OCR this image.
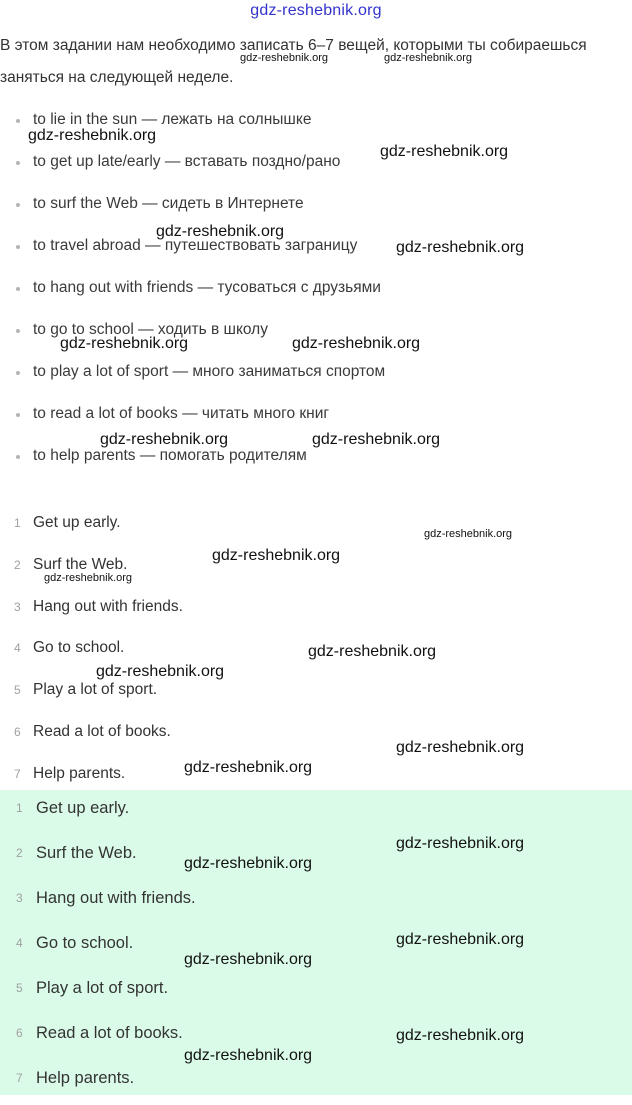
gdz-reshebnik.org

В этом задании нам необходимо записать 6–7 вещей, которыми ты собираешься заняться на следующей неделе.

to lie in the sun — лежать на солнышке
to get up late/early — вставать поздно/рано
to surf the Web — сидеть в Интернете
to travel abroad — путешествовать заграницу
to hang out with friends — тусоваться с друзьями
to go to school — ходить в школу
to play a lot of sport — много заниматься спортом
to read a lot of books — читать много книг
to help parents — помогать родителям
1 Get up early.
2 Surf the Web.
3 Hang out with friends.
4 Go to school.
5 Play a lot of sport.
6 Read a lot of books.
7 Help parents.
1 Get up early.
2 Surf the Web.
3 Hang out with friends.
4 Go to school.
5 Play a lot of sport.
6 Read a lot of books.
7 Help parents.
gdz-reshebnik.org	gdz-reshebnik.org
gdz-reshebnik.org
gdz-reshebnik.org
gdz-reshebnik.org
gdz-reshebnik.org
gdz-reshebnik.org	gdz-reshebnik.org
gdz-reshebnik.org	gdz-reshebnik.org
gdz-reshebnik.org
gdz-reshebnik.org
gdz-reshebnik.org
gdz-reshebnik.org
gdz-reshebnik.org
gdz-reshebnik.org
gdz-reshebnik.org
gdz-reshebnik.org
gdz-reshebnik.org
gdz-reshebnik.org
gdz-reshebnik.org
gdz-reshebnik.org
gdz-reshebnik.org
